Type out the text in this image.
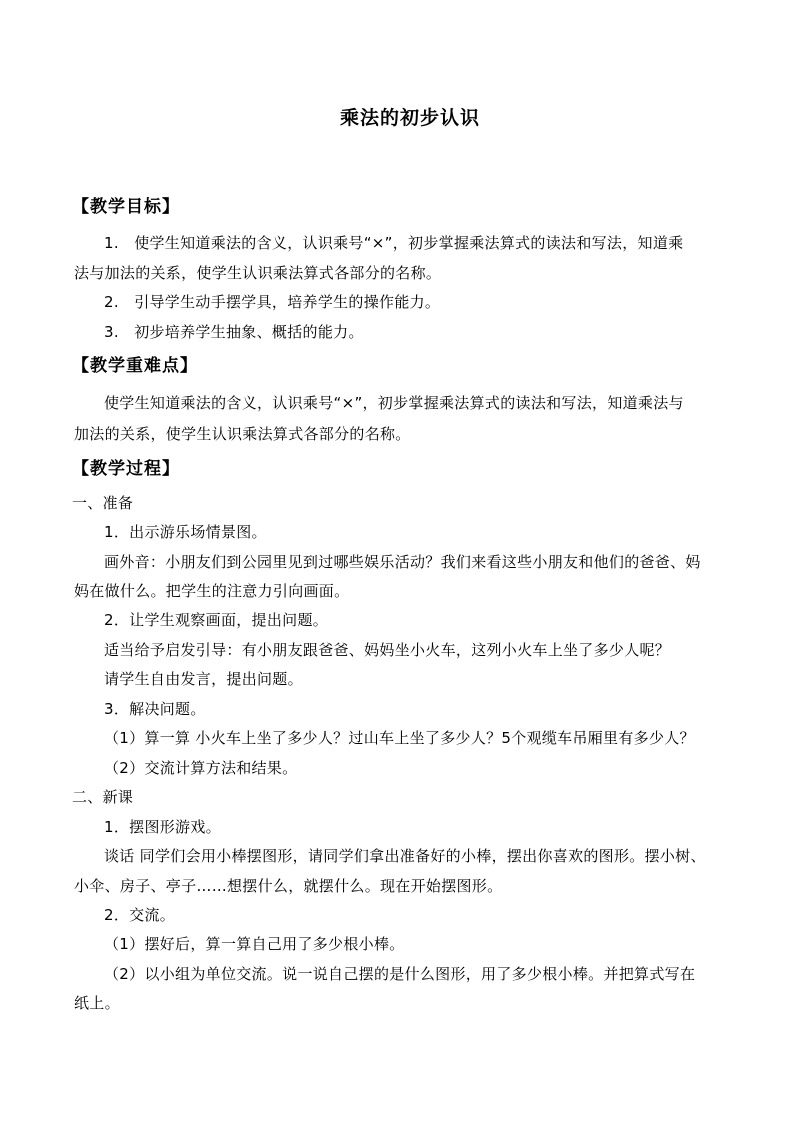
乘法的初步认识
【教学目标】
1.　使学生知道乘法的含义，认识乘号“×”，初步掌握乘法算式的读法和写法，知道乘
法与加法的关系，使学生认识乘法算式各部分的名称。
2.　引导学生动手摆学具，培养学生的操作能力。
3.　初步培养学生抽象、概括的能力。
【教学重难点】
使学生知道乘法的含义，认识乘号“×”，初步掌握乘法算式的读法和写法，知道乘法与
加法的关系，使学生认识乘法算式各部分的名称。
【教学过程】
一、准备
1．出示游乐场情景图。
画外音：小朋友们到公园里见到过哪些娱乐活动？我们来看这些小朋友和他们的爸爸、妈
妈在做什么。把学生的注意力引向画面。
2．让学生观察画面，提出问题。
适当给予启发引导：有小朋友跟爸爸、妈妈坐小火车，这列小火车上坐了多少人呢？
请学生自由发言，提出问题。
3．解决问题。
（1）算一算 小火车上坐了多少人？过山车上坐了多少人？5个观缆车吊厢里有多少人？
（2）交流计算方法和结果。
二、新课
1．摆图形游戏。
谈话 同学们会用小棒摆图形，请同学们拿出准备好的小棒，摆出你喜欢的图形。摆小树、
小伞、房子、亭子……想摆什么，就摆什么。现在开始摆图形。
2．交流。
（1）摆好后，算一算自己用了多少根小棒。
（2）以小组为单位交流。说一说自己摆的是什么图形，用了多少根小棒。并把算式写在
纸上。
